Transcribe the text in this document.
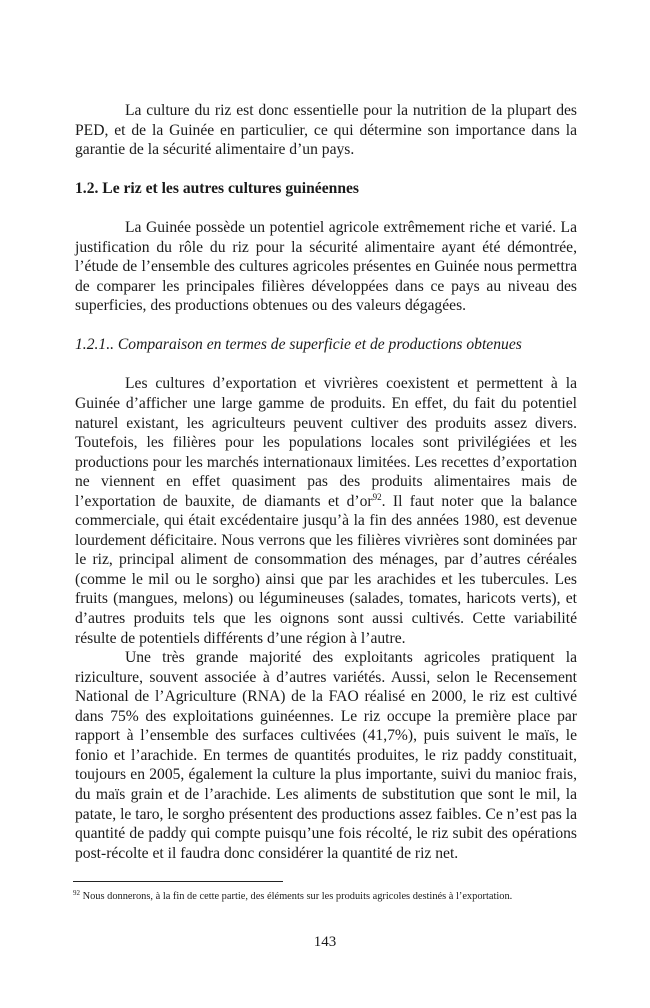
La culture du riz est donc essentielle pour la nutrition de la plupart des PED, et de la Guinée en particulier, ce qui détermine son importance dans la garantie de la sécurité alimentaire d’un pays.

1.2. Le riz et les autres cultures guinéennes

La Guinée possède un potentiel agricole extrêmement riche et varié. La justification du rôle du riz pour la sécurité alimentaire ayant été démontrée, l’étude de l’ensemble des cultures agricoles présentes en Guinée nous permettra de comparer les principales filières développées dans ce pays au niveau des superficies, des productions obtenues ou des valeurs dégagées.

1.2.1.. Comparaison en termes de superficie et de productions obtenues

Les cultures d’exportation et vivrières coexistent et permettent à la Guinée d’afficher une large gamme de produits. En effet, du fait du potentiel naturel existant, les agriculteurs peuvent cultiver des produits assez divers. Toutefois, les filières pour les populations locales sont privilégiées et les productions pour les marchés internationaux limitées. Les recettes d’exportation ne viennent en effet quasiment pas des produits alimentaires mais de l’exportation de bauxite, de diamants et $d’or^{92}$. Il faut noter que la balance commerciale, qui était excédentaire jusqu’à la fin des années 1980, est devenue lourdement déficitaire. Nous verrons que les filières vivrières sont dominées par le riz, principal aliment de consommation des ménages, par d’autres céréales (comme le mil ou le sorgho) ainsi que par les arachides et les tubercules. Les fruits (mangues, melons) ou légumineuses (salades, tomates, haricots verts), et d’autres produits tels que les oignons sont aussi cultivés. Cette variabilité résulte de potentiels différents d’une région à l’autre.

Une très grande majorité des exploitants agricoles pratiquent la riziculture, souvent associée à d’autres variétés. Aussi, selon le Recensement National de l’Agriculture (RNA) de la FAO réalisé en 2000, le riz est cultivé dans 75% des exploitations guinéennes. Le riz occupe la première place par rapport à l’ensemble des surfaces cultivées (41,7%), puis suivent le maïs, le fonio et l’arachide. En termes de quantités produites, le riz paddy constituait, toujours en 2005, également la culture la plus importante, suivi du manioc frais, du maïs grain et de l’arachide. Les aliments de substitution que sont le mil, la patate, le taro, le sorgho présentent des productions assez faibles. Ce n’est pas la quantité de paddy qui compte puisqu’une fois récolté, le riz subit des opérations post-récolte et il faudra donc considérer la quantité de riz net.

$^{92}$ Nous donnerons, à la fin de cette partie, des éléments sur les produits agricoles destinés à l’exportation.
143
